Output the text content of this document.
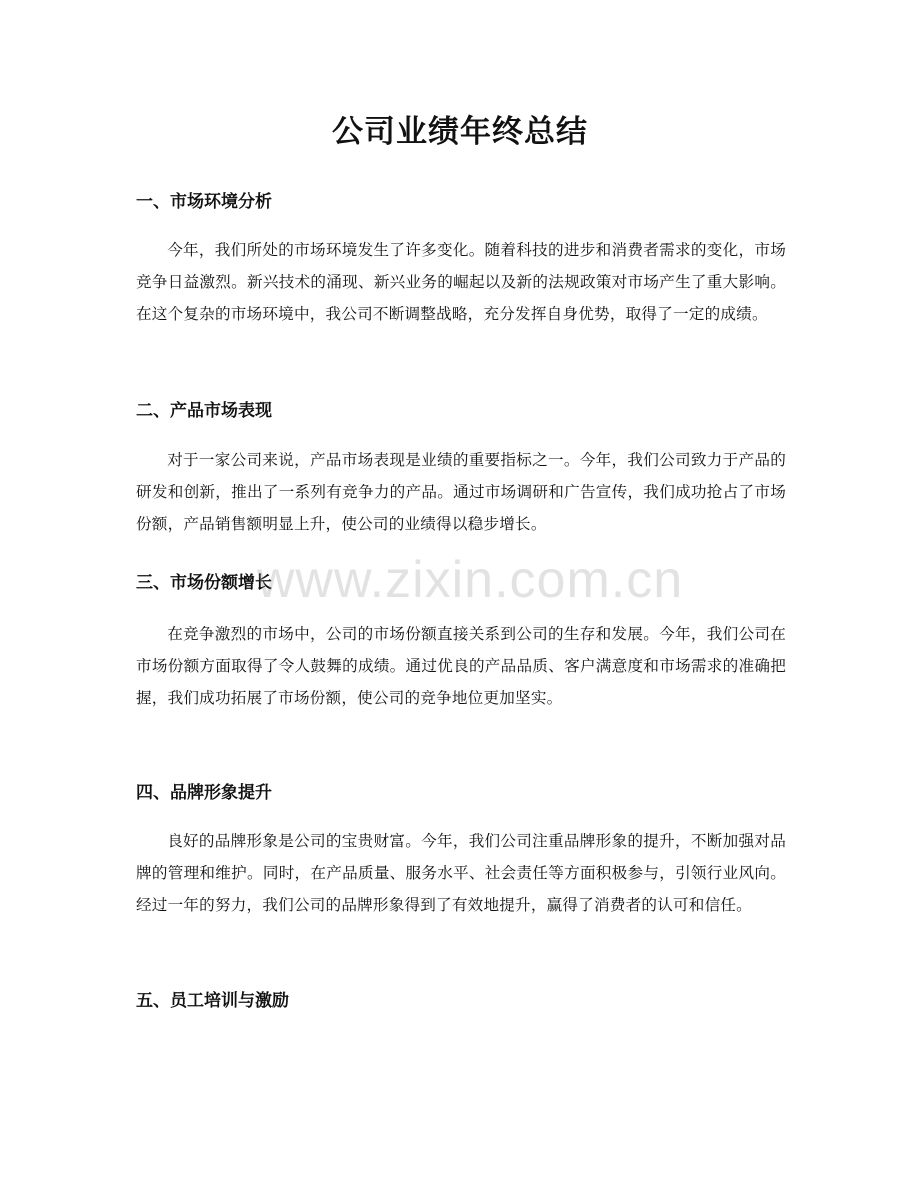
公司业绩年终总结
一、市场环境分析

今年，我们所处的市场环境发生了许多变化。随着科技的进步和消费者需求的变化，市场竞争日益激烈。新兴技术的涌现、新兴业务的崛起以及新的法规政策对市场产生了重大影响。在这个复杂的市场环境中，我公司不断调整战略，充分发挥自身优势，取得了一定的成绩。

二、产品市场表现

对于一家公司来说，产品市场表现是业绩的重要指标之一。今年，我们公司致力于产品的研发和创新，推出了一系列有竞争力的产品。通过市场调研和广告宣传，我们成功抢占了市场份额，产品销售额明显上升，使公司的业绩得以稳步增长。

三、市场份额增长

在竞争激烈的市场中，公司的市场份额直接关系到公司的生存和发展。今年，我们公司在市场份额方面取得了令人鼓舞的成绩。通过优良的产品品质、客户满意度和市场需求的准确把握，我们成功拓展了市场份额，使公司的竞争地位更加坚实。

四、品牌形象提升

良好的品牌形象是公司的宝贵财富。今年，我们公司注重品牌形象的提升，不断加强对品牌的管理和维护。同时，在产品质量、服务水平、社会责任等方面积极参与，引领行业风向。经过一年的努力，我们公司的品牌形象得到了有效地提升，赢得了消费者的认可和信任。

五、员工培训与激励
www.zixin.com.cn
